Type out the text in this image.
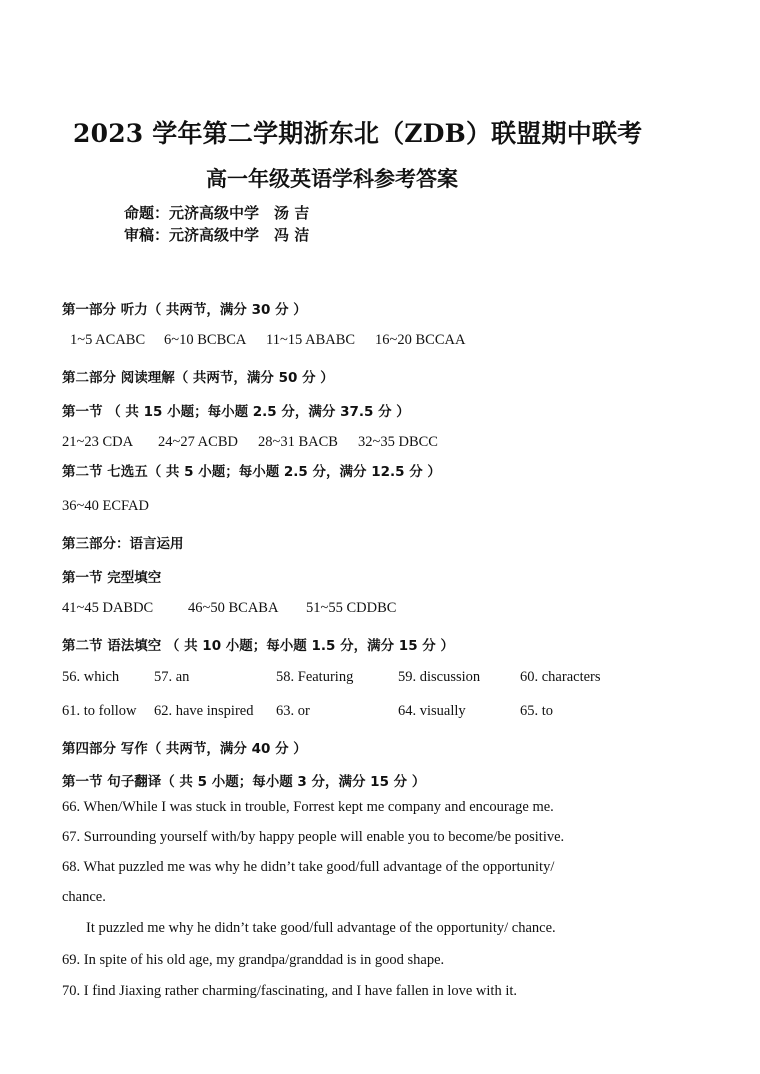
2023 学年第二学期浙东北（ZDB）联盟期中联考
高一年级英语学科参考答案
命题：元济高级中学　汤 吉
审稿：元济高级中学　冯 洁
第一部分 听力（ 共两节，满分 30 分 ）
1~5 ACABC 6~10 BCBCA 11~15 ABABC 16~20 BCCAA
第二部分 阅读理解（ 共两节，满分 50 分 ）
第一节 （ 共 15 小题；每小题 2.5 分，满分 37.5 分 ）
21~23 CDA 24~27 ACBD 28~31 BACB 32~35 DBCC
第二节 七选五（ 共 5 小题；每小题 2.5 分，满分 12.5 分 ）
36~40 ECFAD
第三部分：语言运用
第一节 完型填空
41~45 DABDC 46~50 BCABA 51~55 CDDBC
第二节 语法填空 （ 共 10 小题；每小题 1.5 分，满分 15 分 ）
56. which 57. an	58. Featuring	59. discussion	60. characters
61. to follow 62. have inspired 63. or	64. visually	65. to
第四部分 写作（ 共两节，满分 40 分 ）
第一节 句子翻译（ 共 5 小题；每小题 3 分，满分 15 分 ）
66. When/While I was stuck in trouble, Forrest kept me company and encourage me.
67. Surrounding yourself with/by happy people will enable you to become/be positive.
68. What puzzled me was why he didn’t take good/full advantage of the opportunity/
chance.
It puzzled me why he didn’t take good/full advantage of the opportunity/ chance.
69. In spite of his old age, my grandpa/granddad is in good shape.
70. I find Jiaxing rather charming/fascinating, and I have fallen in love with it.
